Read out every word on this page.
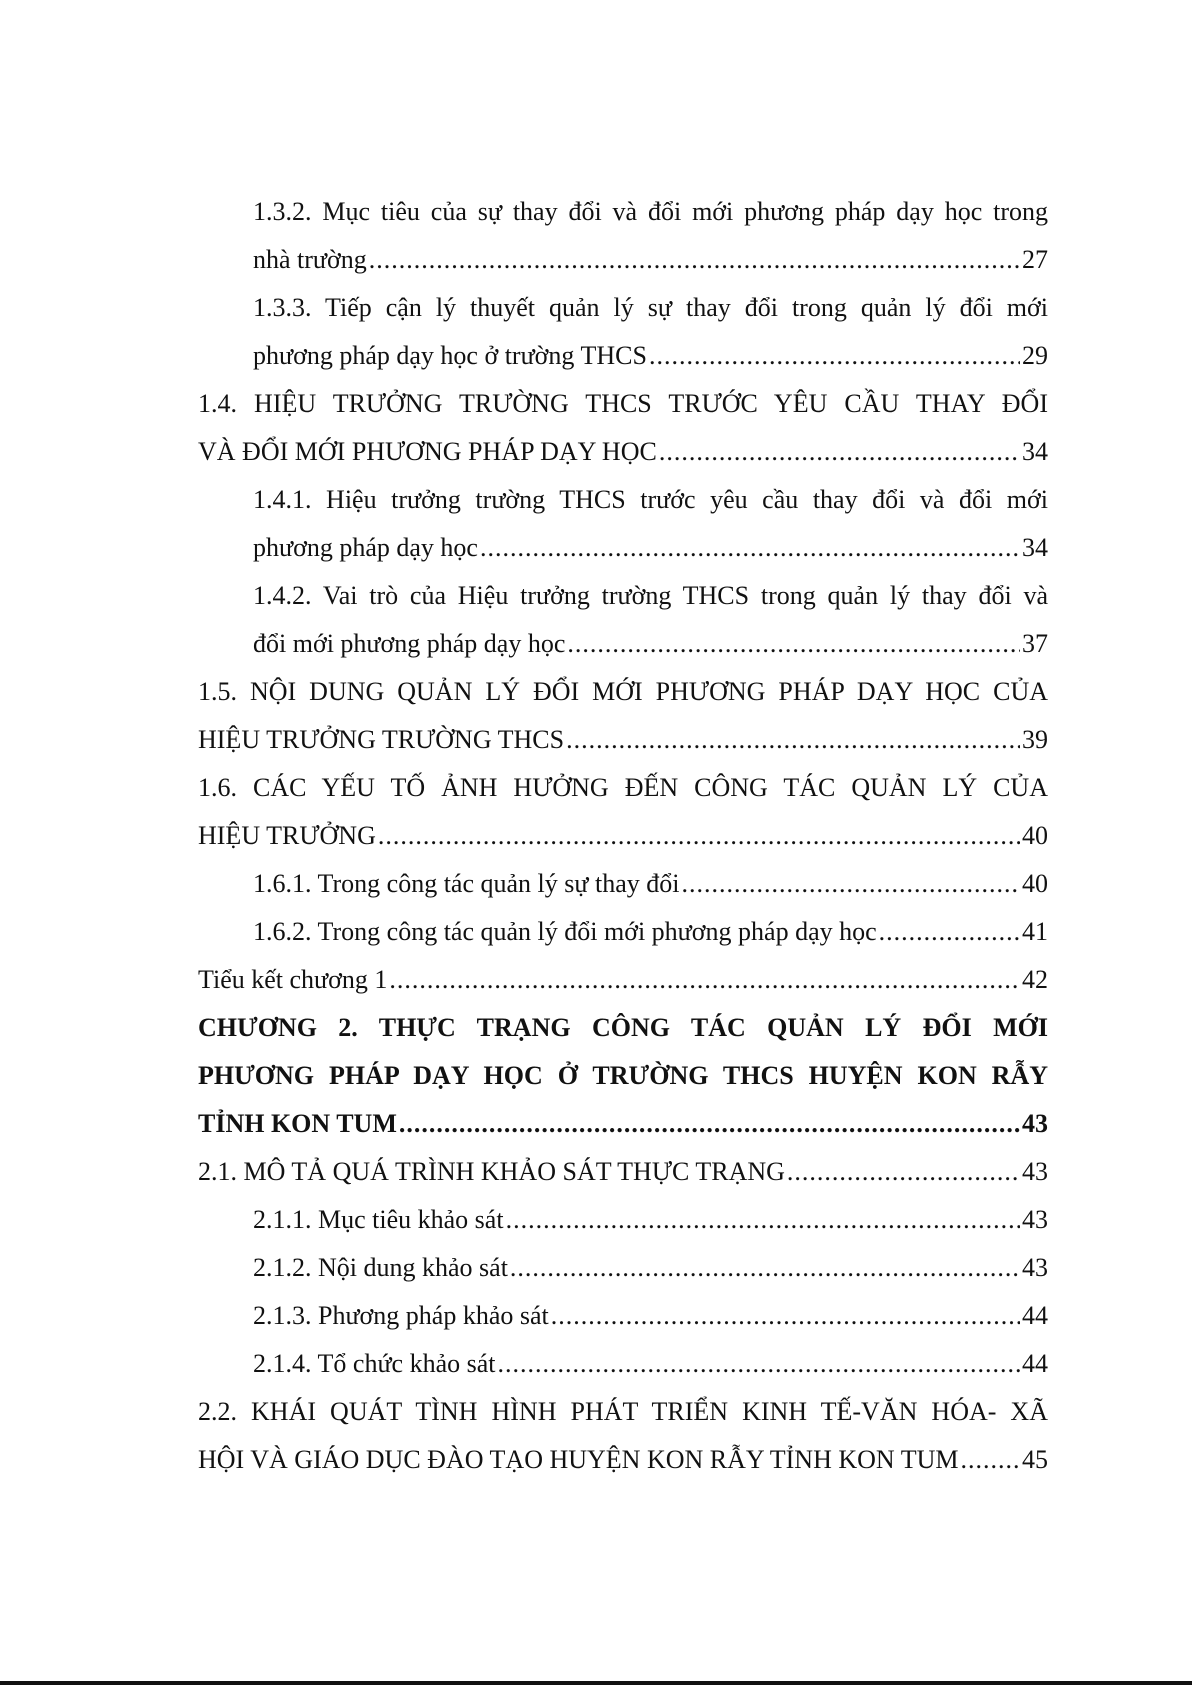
1.3.2. Mục tiêu của sự thay đổi và đổi mới phương pháp dạy học trong
nhà trường .....	27
1.3.3. Tiếp cận lý thuyết quản lý sự thay đổi trong quản lý đổi mới
phương pháp dạy học ở trường THCS .....	29
1.4. HIỆU TRƯỞNG TRƯỜNG THCS TRƯỚC YÊU CẦU THAY ĐỔI
VÀ ĐỔI MỚI PHƯƠNG PHÁP DẠY HỌC .....	34
1.4.1. Hiệu trưởng trường THCS trước yêu cầu thay đổi và đổi mới
phương pháp dạy học .....	34
1.4.2. Vai trò của Hiệu trưởng trường THCS trong quản lý thay đổi và
đổi mới phương pháp dạy học .....	37
1.5. NỘI DUNG QUẢN LÝ ĐỔI MỚI PHƯƠNG PHÁP DẠY HỌC CỦA
HIỆU TRƯỞNG TRƯỜNG THCS .....	39
1.6. CÁC YẾU TỐ ẢNH HƯỞNG ĐẾN CÔNG TÁC QUẢN LÝ CỦA
HIỆU TRƯỞNG .....	40
1.6.1. Trong công tác quản lý sự thay đổi .....	40
1.6.2. Trong công tác quản lý đổi mới phương pháp dạy học .....	41
Tiểu kết chương 1 .....	42
CHƯƠNG 2. THỰC TRẠNG CÔNG TÁC QUẢN LÝ ĐỔI MỚI
PHƯƠNG PHÁP DẠY HỌC Ở TRƯỜNG THCS HUYỆN KON RẪY
TỈNH KON TUM .....	43
2.1. MÔ TẢ QUÁ TRÌNH KHẢO SÁT THỰC TRẠNG .....	43
2.1.1. Mục tiêu khảo sát .....	43
2.1.2. Nội dung khảo sát .....	43
2.1.3. Phương pháp khảo sát .....	44
2.1.4. Tổ chức khảo sát .....	44
2.2. KHÁI QUÁT TÌNH HÌNH PHÁT TRIỂN KINH TẾ-VĂN HÓA- XÃ
HỘI VÀ GIÁO DỤC ĐÀO TẠO HUYỆN KON RẪY TỈNH KON TUM ..... 45
